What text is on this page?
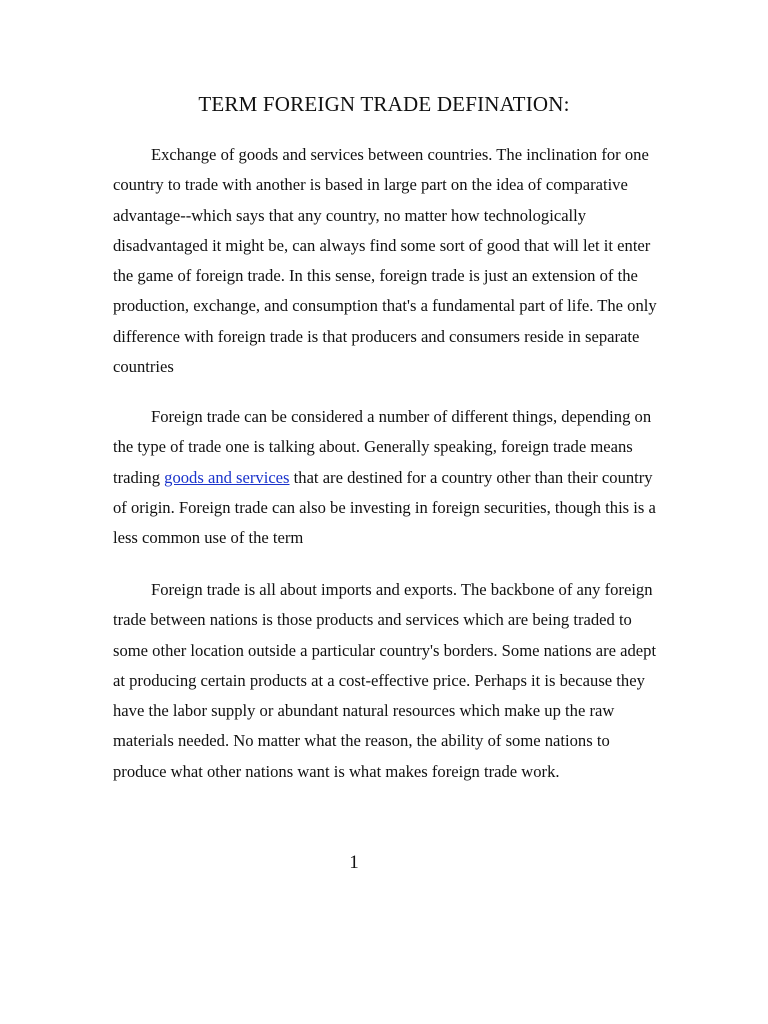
TERM FOREIGN TRADE DEFINATION:

Exchange of goods and services between countries. The inclination for one country to trade with another is based in large part on the idea of comparative advantage--which says that any country, no matter how technologically disadvantaged it might be, can always find some sort of good that will let it enter the game of foreign trade. In this sense, foreign trade is just an extension of the production, exchange, and consumption that's a fundamental part of life. The only difference with foreign trade is that producers and consumers reside in separate countries

Foreign trade can be considered a number of different things, depending on the type of trade one is talking about. Generally speaking, foreign trade means trading goods and services that are destined for a country other than their country of origin. Foreign trade can also be investing in foreign securities, though this is a less common use of the term

Foreign trade is all about imports and exports. The backbone of any foreign trade between nations is those products and services which are being traded to some other location outside a particular country's borders. Some nations are adept at producing certain products at a cost-effective price. Perhaps it is because they have the labor supply or abundant natural resources which make up the raw materials needed. No matter what the reason, the ability of some nations to produce what other nations want is what makes foreign trade work.

1
